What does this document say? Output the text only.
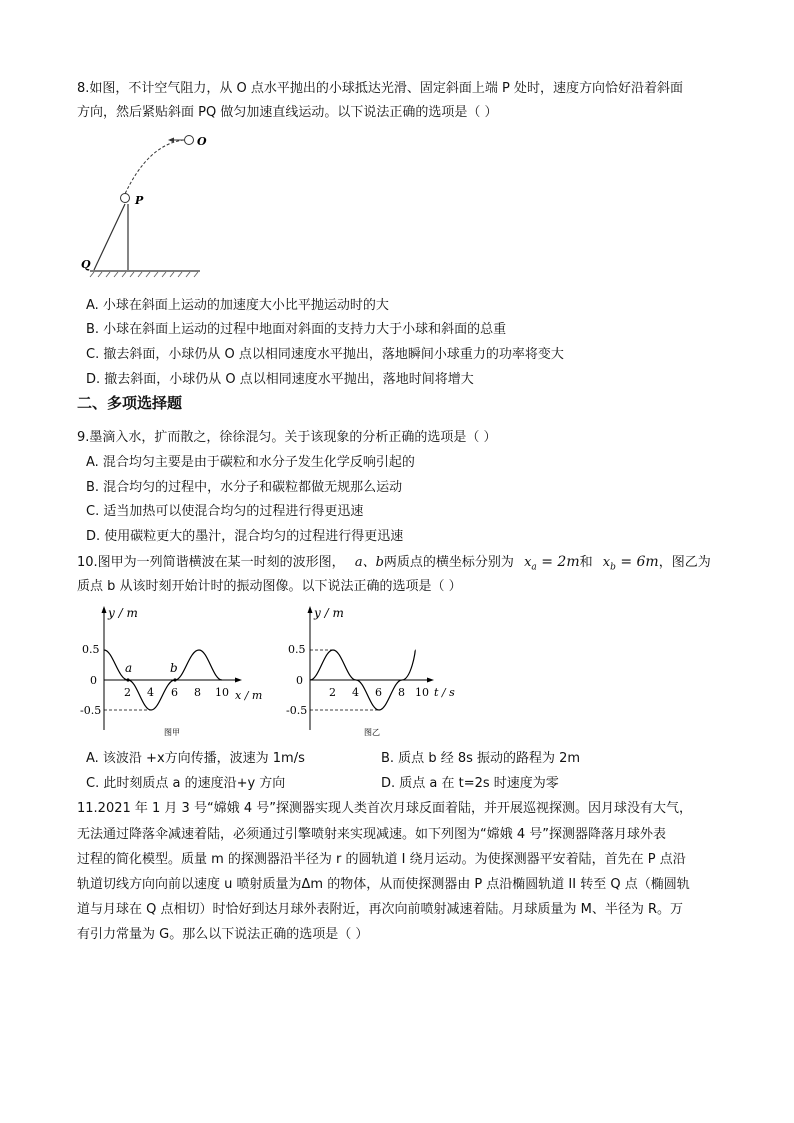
8.如图，不计空气阻力，从 O 点水平抛出的小球抵达光滑、固定斜面上端 P 处时，速度方向恰好沿着斜面
方向，然后紧贴斜面 PQ 做匀加速直线运动。以下说法正确的选项是（ ）
O
P
Q
A. 小球在斜面上运动的加速度大小比平抛运动时的大
B. 小球在斜面上运动的过程中地面对斜面的支持力大于小球和斜面的总重
C. 撤去斜面，小球仍从 O 点以相同速度水平抛出，落地瞬间小球重力的功率将变大
D. 撤去斜面，小球仍从 O 点以相同速度水平抛出，落地时间将增大
二、多项选择题
9.墨滴入水，扩而散之，徐徐混匀。关于该现象的分析正确的选项是（ ）
A. 混合均匀主要是由于碳粒和水分子发生化学反响引起的
B. 混合均匀的过程中，水分子和碳粒都做无规那么运动
C. 适当加热可以使混合均匀的过程进行得更迅速
D. 使用碳粒更大的墨汁，混合均匀的过程进行得更迅速
10.图甲为一列简谐横波在某一时刻的波形图， a、b两质点的横坐标分别为 $x_a = 2m$和 $x_b = 6m$，图乙为
质点 b 从该时刻开始计时的振动图像。以下说法正确的选项是（ ）
a	b
y / m
0.5
0
-0.5
2 4 6 8 10 x / m
图甲
y / m
0.5
0
-0.5
2 4 6 8 10 t / s
图乙
A. 该波沿 +x方向传播，波速为 1m/s	B. 质点 b 经 8s 振动的路程为 2m
C. 此时刻质点 a 的速度沿+y 方向	D. 质点 a 在 t=2s 时速度为零
11.2021 年 1 月 3 号“嫦娥 4 号”探测器实现人类首次月球反面着陆，并开展巡视探测。因月球没有大气，
无法通过降落伞减速着陆，必须通过引擎喷射来实现减速。如下列图为“嫦娥 4 号”探测器降落月球外表
过程的简化模型。质量 m 的探测器沿半径为 r 的圆轨道 I 绕月运动。为使探测器平安着陆，首先在 P 点沿
轨道切线方向向前以速度 u 喷射质量为Δm 的物体，从而使探测器由 P 点沿椭圆轨道 II 转至 Q 点（椭圆轨
道与月球在 Q 点相切）时恰好到达月球外表附近，再次向前喷射减速着陆。月球质量为 M、半径为 R。万
有引力常量为 G。那么以下说法正确的选项是（ ）
